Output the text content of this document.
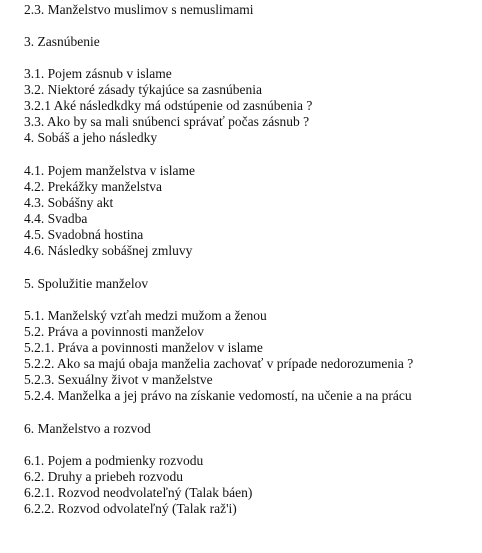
2.3. Manželstvo muslimov s nemuslimami
3. Zasnúbenie
3.1. Pojem zásnub v islame
3.2. Niektoré zásady týkajúce sa zasnúbenia
3.2.1 Aké následkdky má odstúpenie od zasnúbenia ?
3.3. Ako by sa mali snúbenci správať počas zásnub ?
4. Sobáš a jeho následky
4.1. Pojem manželstva v islame
4.2. Prekážky manželstva
4.3. Sobášny akt
4.4. Svadba
4.5. Svadobná hostina
4.6. Následky sobášnej zmluvy
5. Spolužitie manželov
5.1. Manželský vzťah medzi mužom a ženou
5.2. Práva a povinnosti manželov
5.2.1. Práva a povinnosti manželov v islame
5.2.2. Ako sa majú obaja manželia zachovať v prípade nedorozumenia ?
5.2.3. Sexuálny život v manželstve
5.2.4. Manželka a jej právo na získanie vedomostí, na učenie a na prácu
6. Manželstvo a rozvod
6.1. Pojem a podmienky rozvodu
6.2. Druhy a priebeh rozvodu
6.2.1. Rozvod neodvolateľný (Talak báen)
6.2.2. Rozvod odvolateľný (Talak raž'i)
